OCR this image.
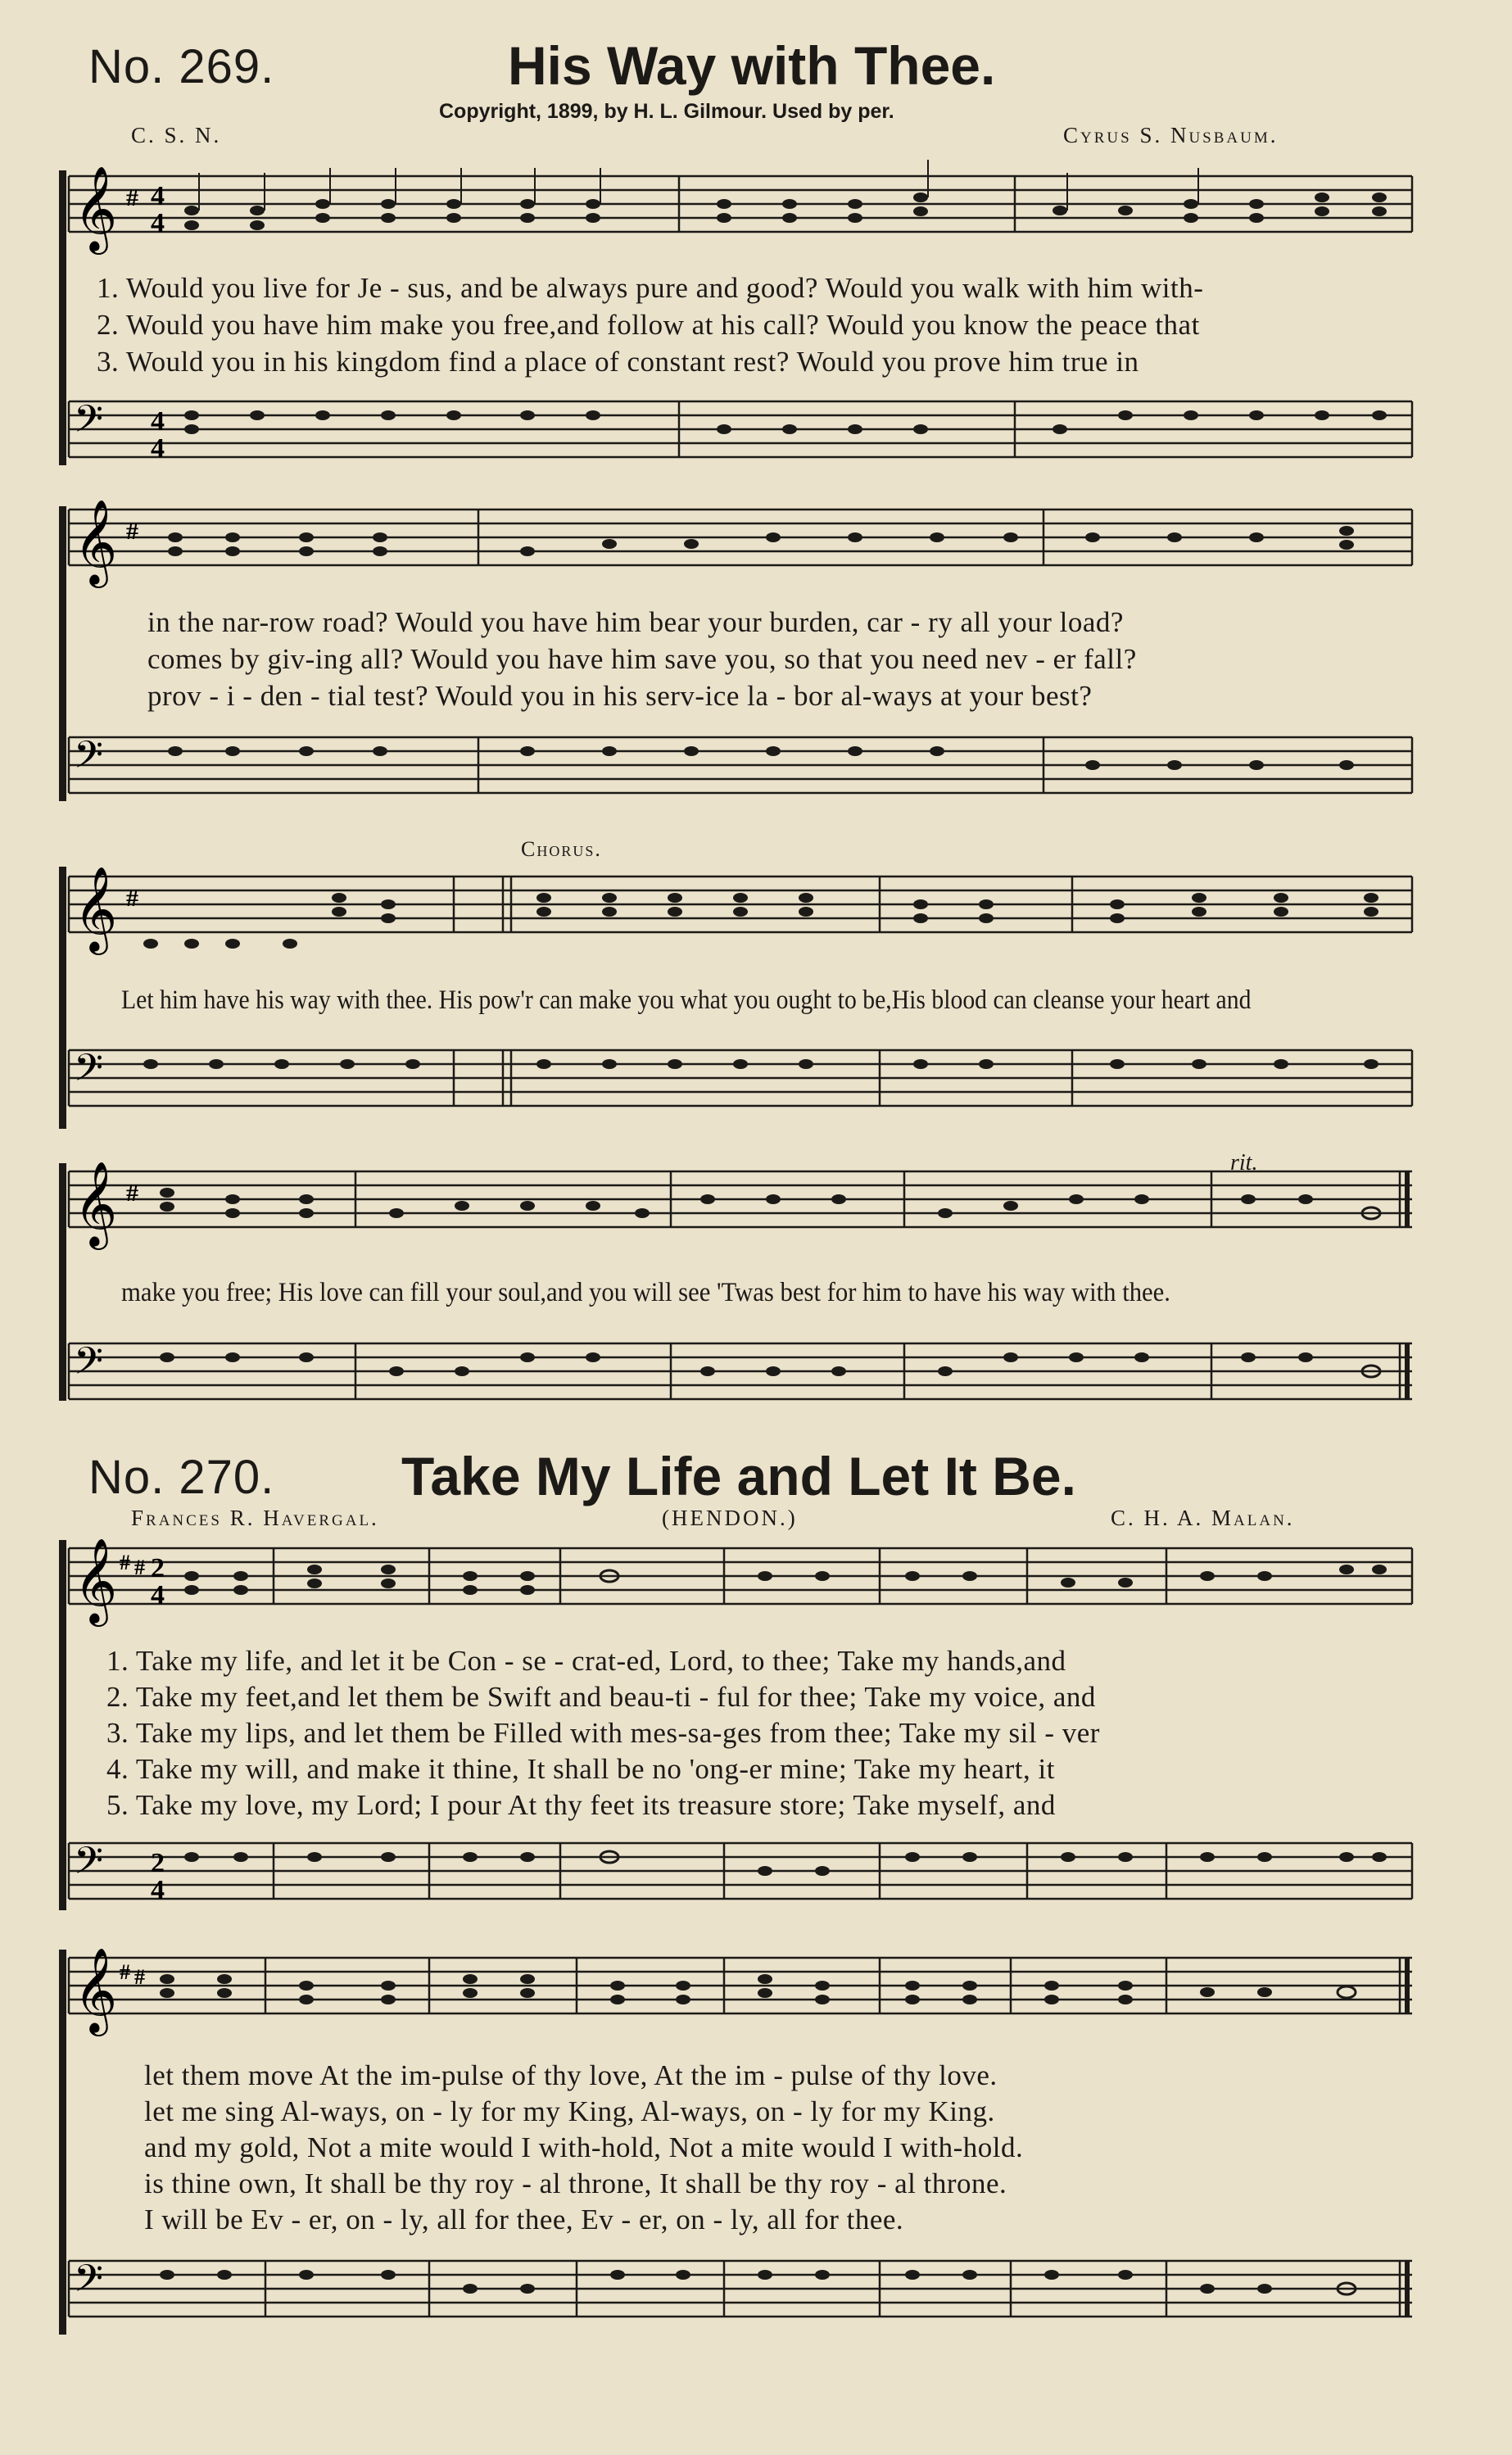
No. 269.	His Way with Thee.
Copyright, 1899, by H. L. Gilmour. Used by per.
C. S. N.	Cyrus S. Nusbaum.
𝄞 # 4
4
1. Would you live for Je - sus, and be always pure and good? Would you walk with him with-
2. Would you have him make you free,and follow at his call? Would you know the peace that
3. Would you in his kingdom find a place of constant rest? Would you prove him true in
𝄢 4
4
𝄞 #
in the nar-row road? Would you have him bear your burden, car - ry all your load?
comes by giv-ing all? Would you have him save you, so that you need nev - er fall?
prov - i - den - tial test? Would you in his serv-ice la - bor al-ways at your best?
𝄢
Chorus.
𝄞 #
Let him have his way with thee. His pow'r can make you what you ought to be,His blood can cleanse your heart and
𝄢
rit.
𝄞 #
make you free; His love can fill your soul,and you will see 'Twas best for him to have his way with thee.
𝄢
No. 270. Take My Life and Let It Be.
Frances R. Havergal.	(HENDON.)	C. H. A. Malan.
𝄞 # # 2
4
1. Take my life, and let it be Con - se - crat-ed, Lord, to thee; Take my hands,and
2. Take my feet,and let them be Swift and beau-ti - ful for thee; Take my voice, and
3. Take my lips, and let them be Filled with mes-sa-ges from thee; Take my sil - ver
4. Take my will, and make it thine, It shall be no 'ong-er mine; Take my heart, it
5. Take my love, my Lord; I pour At thy feet its treasure store; Take myself, and
𝄢 2
4
𝄞 # #
let them move At the im-pulse of thy love, At the im - pulse of thy love.
let me sing Al-ways, on - ly for my King, Al-ways, on - ly for my King.
and my gold, Not a mite would I with-hold, Not a mite would I with-hold.
is thine own, It shall be thy roy - al throne, It shall be thy roy - al throne.
I will be Ev - er, on - ly, all for thee, Ev - er, on - ly, all for thee.
𝄢
